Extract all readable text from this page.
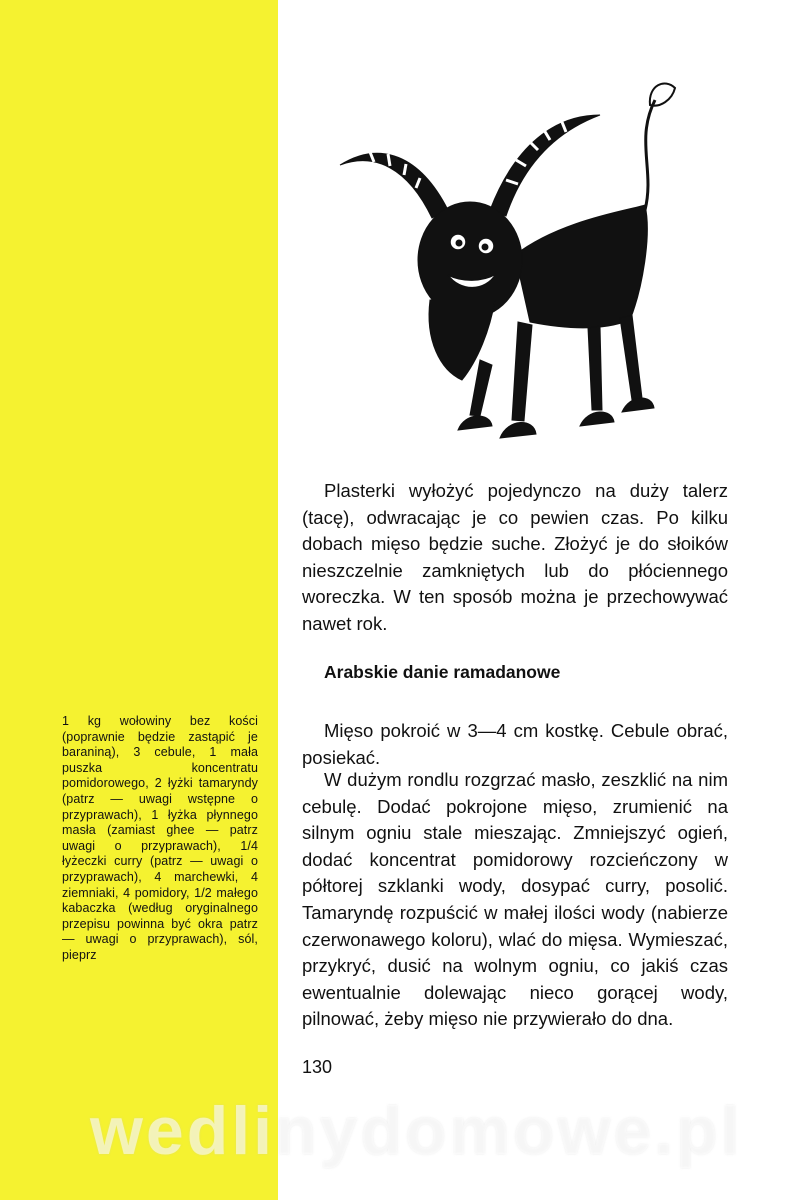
1 kg wołowiny bez kości (poprawnie będzie zastąpić je baraniną), 3 cebule, 1 mała puszka koncentratu pomidorowego, 2 łyżki tamaryndy (patrz — uwagi wstępne o przyprawach), 1 łyżka płynnego masła (zamiast ghee — patrz uwagi o przyprawach), 1/4 łyżeczki curry (patrz — uwagi o przyprawach), 4 marchewki, 4 ziemniaki, 4 pomidory, 1/2 małego kabaczka (według oryginalnego przepisu powinna być okra patrz — uwagi o przyprawach), sól, pieprz

Plasterki wyłożyć pojedynczo na duży talerz (tacę), odwracając je co pewien czas. Po kilku dobach mięso będzie suche. Złożyć je do słoików nieszczelnie zamkniętych lub do płóciennego woreczka. W ten sposób można je przechowywać nawet rok.

Arabskie danie ramadanowe

Mięso pokroić w 3—4 cm kostkę. Cebule obrać, posiekać.

W dużym rondlu rozgrzać masło, zeszklić na nim cebulę. Dodać pokrojone mięso, zrumienić na silnym ogniu stale mieszając. Zmniejszyć ogień, dodać koncentrat pomidorowy rozcieńczony w półtorej szklanki wody, dosypać curry, posolić. Tamaryndę rozpuścić w małej ilości wody (nabierze czerwonawego koloru), wlać do mięsa. Wymieszać, przykryć, dusić na wolnym ogniu, co jakiś czas ewentualnie dolewając nieco gorącej wody, pilnować, żeby mięso nie przywierało do dna.

130

wedlinydomowe.pl
